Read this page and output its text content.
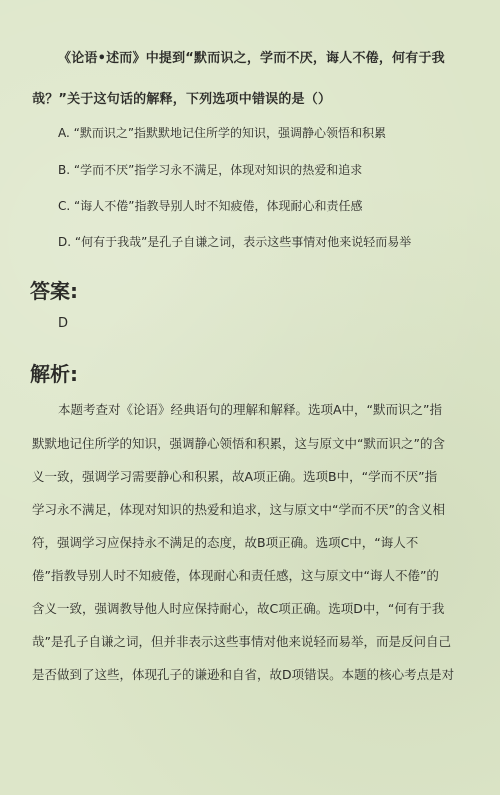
《论语•述而》中提到“默而识之，学而不厌，诲人不倦，何有于我
哉？”关于这句话的解释，下列选项中错误的是（）
A. “默而识之”指默默地记住所学的知识，强调静心领悟和积累
B. “学而不厌”指学习永不满足，体现对知识的热爱和追求
C. “诲人不倦”指教导别人时不知疲倦，体现耐心和责任感
D. “何有于我哉”是孔子自谦之词，表示这些事情对他来说轻而易举
答案:
D
解析:
本题考查对《论语》经典语句的理解和解释。选项A中，“默而识之”指
默默地记住所学的知识，强调静心领悟和积累，这与原文中“默而识之”的含
义一致，强调学习需要静心和积累，故A项正确。选项B中，“学而不厌”指
学习永不满足，体现对知识的热爱和追求，这与原文中“学而不厌”的含义相
符，强调学习应保持永不满足的态度，故B项正确。选项C中，“诲人不
倦”指教导别人时不知疲倦，体现耐心和责任感，这与原文中“诲人不倦”的
含义一致，强调教导他人时应保持耐心，故C项正确。选项D中，“何有于我
哉”是孔子自谦之词，但并非表示这些事情对他来说轻而易举，而是反问自己
是否做到了这些，体现孔子的谦逊和自省，故D项错误。本题的核心考点是对
